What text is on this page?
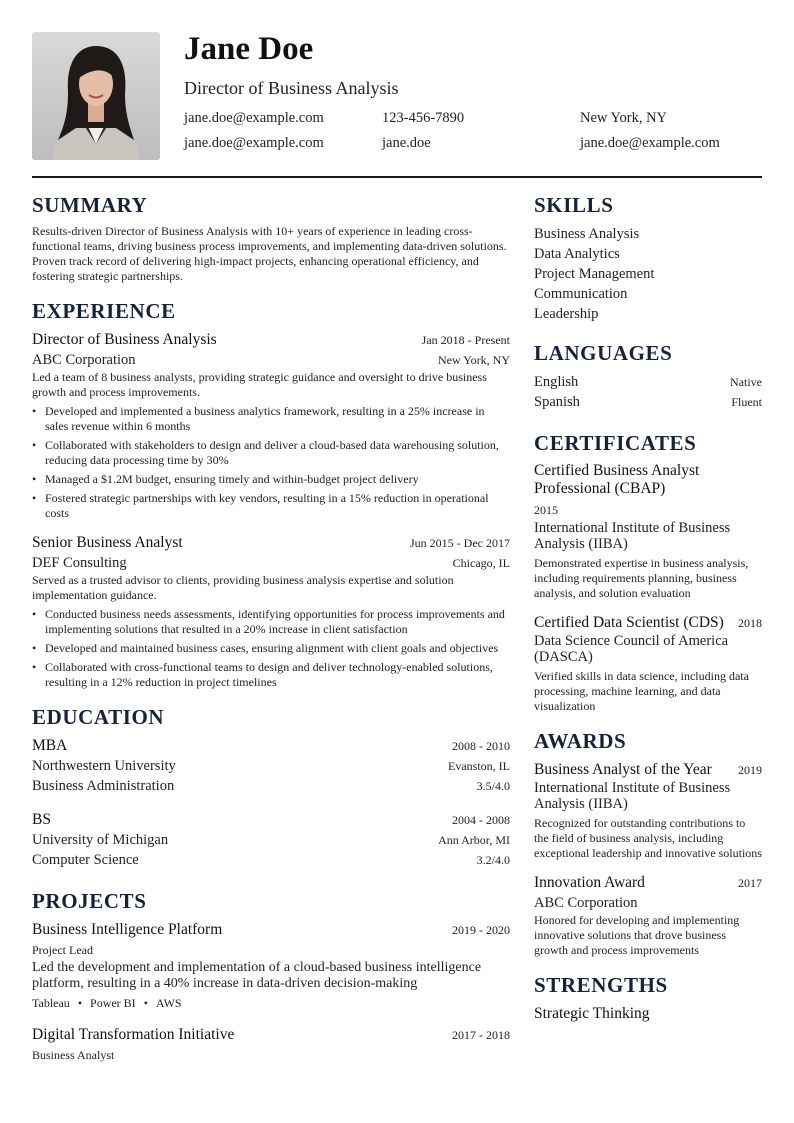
Jane Doe
Director of Business Analysis
jane.doe@example.com	123-456-7890	New York, NY
jane.doe@example.com	jane.doe	jane.doe@example.com
SUMMARY
Results-driven Director of Business Analysis with 10+ years of experience in leading cross-functional teams, driving business process improvements, and implementing data-driven solutions. Proven track record of delivering high-impact projects, enhancing operational efficiency, and fostering strategic partnerships.
EXPERIENCE
Director of Business Analysis	Jan 2018 - Present
ABC Corporation	New York, NY
Led a team of 8 business analysts, providing strategic guidance and oversight to drive business growth and process improvements.
• Developed and implemented a business analytics framework, resulting in a 25% increase in sales revenue within 6 months
• Collaborated with stakeholders to design and deliver a cloud-based data warehousing solution, reducing data processing time by 30%
• Managed a $1.2M budget, ensuring timely and within-budget project delivery
• Fostered strategic partnerships with key vendors, resulting in a 15% reduction in operational costs
Senior Business Analyst	Jun 2015 - Dec 2017
DEF Consulting	Chicago, IL
Served as a trusted advisor to clients, providing business analysis expertise and solution implementation guidance.
• Conducted business needs assessments, identifying opportunities for process improvements and implementing solutions that resulted in a 20% increase in client satisfaction
• Developed and maintained business cases, ensuring alignment with client goals and objectives
• Collaborated with cross-functional teams to design and deliver technology-enabled solutions, resulting in a 12% reduction in project timelines
EDUCATION
MBA	2008 - 2010
Northwestern University	Evanston, IL
Business Administration	3.5/4.0
BS	2004 - 2008
University of Michigan	Ann Arbor, MI
Computer Science	3.2/4.0
PROJECTS
Business Intelligence Platform	2019 - 2020
Project Lead
Led the development and implementation of a cloud-based business intelligence platform, resulting in a 40% increase in data-driven decision-making
Tableau • Power BI • AWS
Digital Transformation Initiative	2017 - 2018
Business Analyst
SKILLS
Business Analysis
Data Analytics
Project Management
Communication
Leadership
LANGUAGES
English	Native
Spanish	Fluent
CERTIFICATES
Certified Business Analyst Professional (CBAP)
2015
International Institute of Business Analysis (IIBA)
Demonstrated expertise in business analysis, including requirements planning, business analysis, and solution evaluation
Certified Data Scientist (CDS) 2018
Data Science Council of America (DASCA)
Verified skills in data science, including data processing, machine learning, and data visualization
AWARDS
Business Analyst of the Year 2019
International Institute of Business Analysis (IIBA)
Recognized for outstanding contributions to the field of business analysis, including exceptional leadership and innovative solutions
Innovation Award	2017
ABC Corporation
Honored for developing and implementing innovative solutions that drove business growth and process improvements
STRENGTHS
Strategic Thinking
